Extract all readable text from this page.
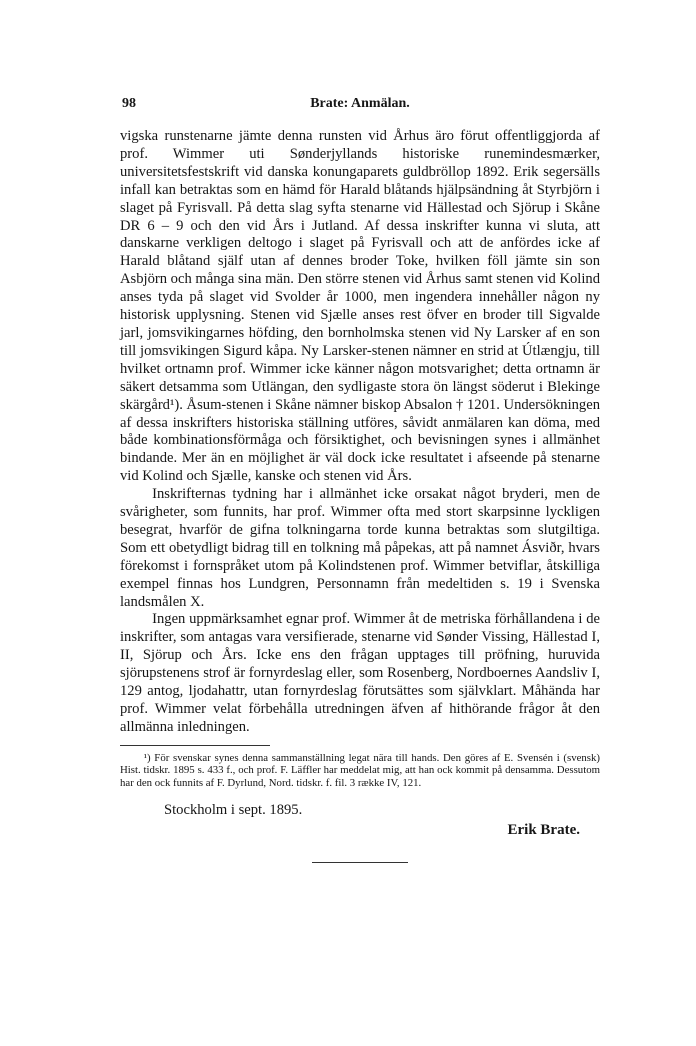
98	Brate: Anmälan.

vigska runstenarne jämte denna runsten vid Århus äro förut offentliggjorda af prof. Wimmer uti Sønderjyllands historiske runemindesmærker, universitetsfestskrift vid danska konungaparets guldbröllop 1892. Erik segersälls infall kan betraktas som en hämd för Harald blåtands hjälpsändning åt Styrbjörn i slaget på Fyrisvall. På detta slag syfta stenarne vid Hällestad och Sjörup i Skåne DR 6 – 9 och den vid Års i Jutland. Af dessa inskrifter kunna vi sluta, att danskarne verkligen deltogo i slaget på Fyrisvall och att de anfördes icke af Harald blåtand själf utan af dennes broder Toke, hvilken föll jämte sin son Asbjörn och många sina män. Den större stenen vid Århus samt stenen vid Kolind anses tyda på slaget vid Svolder år 1000, men ingendera innehåller någon ny historisk upplysning. Stenen vid Sjælle anses rest öfver en broder till Sigvalde jarl, jomsvikingarnes höfding, den bornholmska stenen vid Ny Larsker af en son till jomsvikingen Sigurd kåpa. Ny Larsker-stenen nämner en strid at Útlængju, till hvilket ortnamn prof. Wimmer icke känner någon motsvarighet; detta ortnamn är säkert detsamma som Utlängan, den sydligaste stora ön längst söderut i Blekinge skärgård¹). Åsum-stenen i Skåne nämner biskop Absalon † 1201. Undersökningen af dessa inskrifters historiska ställning utföres, såvidt anmälaren kan döma, med både kombinationsförmåga och försiktighet, och bevisningen synes i allmänhet bindande. Mer än en möjlighet är väl dock icke resultatet i afseende på stenarne vid Kolind och Sjælle, kanske och stenen vid Års.

Inskrifternas tydning har i allmänhet icke orsakat något bryderi, men de svårigheter, som funnits, har prof. Wimmer ofta med stort skarpsinne lyckligen besegrat, hvarför de gifna tolkningarna torde kunna betraktas som slutgiltiga. Som ett obetydligt bidrag till en tolkning må påpekas, att på namnet Ásviðr, hvars förekomst i fornspråket utom på Kolindstenen prof. Wimmer betviflar, åtskilliga exempel finnas hos Lundgren, Personnamn från medeltiden s. 19 i Svenska landsmålen X.

Ingen uppmärksamhet egnar prof. Wimmer åt de metriska förhållandena i de inskrifter, som antagas vara versifierade, stenarne vid Sønder Vissing, Hällestad I, II, Sjörup och Års. Icke ens den frågan upptages till pröfning, huruvida sjörupstenens strof är fornyrdeslag eller, som Rosenberg, Nordboernes Aandsliv I, 129 antog, ljodahattr, utan fornyrdeslag förutsättes som självklart. Måhända har prof. Wimmer velat förbehålla utredningen äfven af hithörande frågor åt den allmänna inledningen.

¹) För svenskar synes denna sammanställning legat nära till hands. Den göres af E. Svensén i (svensk) Hist. tidskr. 1895 s. 433 f., och prof. F. Läffler har meddelat mig, att han ock kommit på densamma. Dessutom har den ock funnits af F. Dyrlund, Nord. tidskr. f. fil. 3 række IV, 121.

Stockholm i sept. 1895.
Erik Brate.
